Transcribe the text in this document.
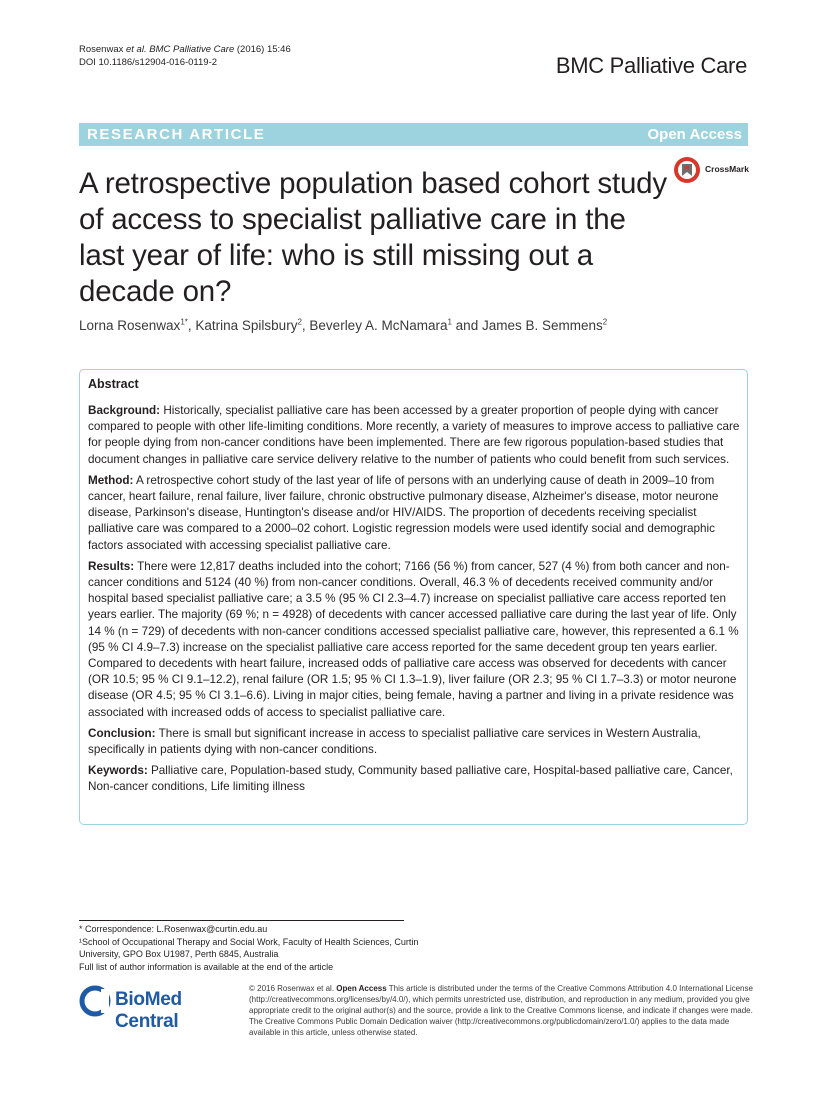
Rosenwax et al. BMC Palliative Care (2016) 15:46
DOI 10.1186/s12904-016-0119-2	BMC Palliative Care
RESEARCH ARTICLE	Open Access
CrossMark
A retrospective population based cohort study of access to specialist palliative care in the last year of life: who is still missing out a decade on?
Lorna Rosenwax$^{1*}$, Katrina Spilsbury$^2$, Beverley A. McNamara$^1$ and James B. Semmens$^2$
Abstract

Background: Historically, specialist palliative care has been accessed by a greater proportion of people dying with cancer compared to people with other life-limiting conditions. More recently, a variety of measures to improve access to palliative care for people dying from non-cancer conditions have been implemented. There are few rigorous population-based studies that document changes in palliative care service delivery relative to the number of patients who could benefit from such services.

Method: A retrospective cohort study of the last year of life of persons with an underlying cause of death in 2009–10 from cancer, heart failure, renal failure, liver failure, chronic obstructive pulmonary disease, Alzheimer's disease, motor neurone disease, Parkinson's disease, Huntington's disease and/or HIV/AIDS. The proportion of decedents receiving specialist palliative care was compared to a 2000–02 cohort. Logistic regression models were used identify social and demographic factors associated with accessing specialist palliative care.

Results: There were 12,817 deaths included into the cohort; 7166 (56 %) from cancer, 527 (4 %) from both cancer and non-cancer conditions and 5124 (40 %) from non-cancer conditions. Overall, 46.3 % of decedents received community and/or hospital based specialist palliative care; a 3.5 % (95 % CI 2.3–4.7) increase on specialist palliative care access reported ten years earlier. The majority (69 %; n = 4928) of decedents with cancer accessed palliative care during the last year of life. Only 14 % (n = 729) of decedents with non-cancer conditions accessed specialist palliative care, however, this represented a 6.1 % (95 % CI 4.9–7.3) increase on the specialist palliative care access reported for the same decedent group ten years earlier. Compared to decedents with heart failure, increased odds of palliative care access was observed for decedents with cancer (OR 10.5; 95 % CI 9.1–12.2), renal failure (OR 1.5; 95 % CI 1.3–1.9), liver failure (OR 2.3; 95 % CI 1.7–3.3) or motor neurone disease (OR 4.5; 95 % CI 3.1–6.6). Living in major cities, being female, having a partner and living in a private residence was associated with increased odds of access to specialist palliative care.

Conclusion: There is small but significant increase in access to specialist palliative care services in Western Australia, specifically in patients dying with non-cancer conditions.

Keywords: Palliative care, Population-based study, Community based palliative care, Hospital-based palliative care, Cancer, Non-cancer conditions, Life limiting illness

* Correspondence: L.Rosenwax@curtin.edu.au
¹School of Occupational Therapy and Social Work, Faculty of Health Sciences, Curtin University, GPO Box U1987, Perth 6845, Australia
Full list of author information is available at the end of the article
BioMed Central
© 2016 Rosenwax et al. Open Access This article is distributed under the terms of the Creative Commons Attribution 4.0 International License (http://creativecommons.org/licenses/by/4.0/), which permits unrestricted use, distribution, and reproduction in any medium, provided you give appropriate credit to the original author(s) and the source, provide a link to the Creative Commons license, and indicate if changes were made. The Creative Commons Public Domain Dedication waiver (http://creativecommons.org/publicdomain/zero/1.0/) applies to the data made available in this article, unless otherwise stated.
